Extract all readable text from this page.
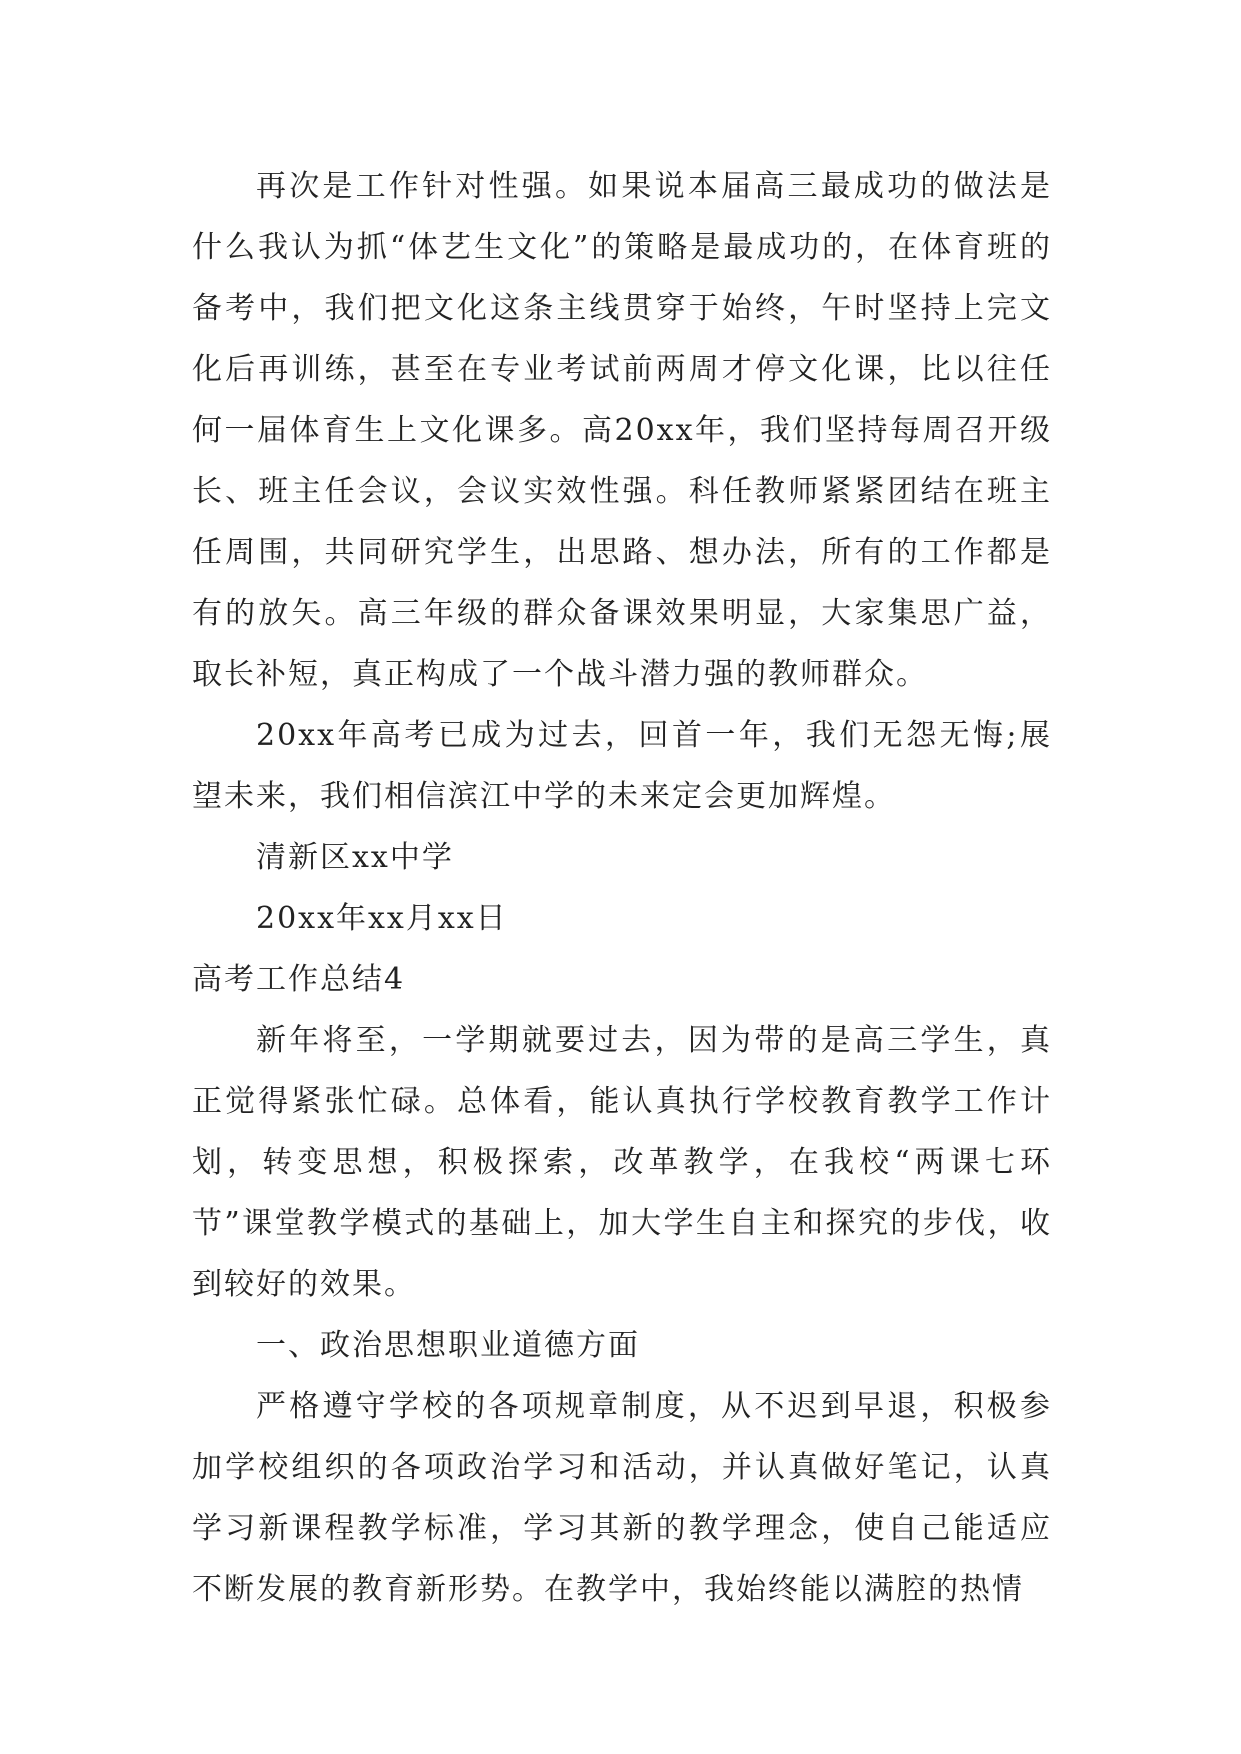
再次是工作针对性强。如果说本届高三最成功的做法是什么我认为抓“体艺生文化”的策略是最成功的，在体育班的备考中，我们把文化这条主线贯穿于始终，午时坚持上完文化后再训练，甚至在专业考试前两周才停文化课，比以往任何一届体育生上文化课多。高20xx年，我们坚持每周召开级长、班主任会议，会议实效性强。科任教师紧紧团结在班主任周围，共同研究学生，出思路、想办法，所有的工作都是有的放矢。高三年级的群众备课效果明显，大家集思广益，取长补短，真正构成了一个战斗潜力强的教师群众。

20xx年高考已成为过去，回首一年，我们无怨无悔;展望未来，我们相信滨江中学的未来定会更加辉煌。

清新区xx中学

20xx年xx月xx日

高考工作总结4

新年将至，一学期就要过去，因为带的是高三学生，真正觉得紧张忙碌。总体看，能认真执行学校教育教学工作计划，转变思想，积极探索，改革教学，在我校“两课七环节”课堂教学模式的基础上，加大学生自主和探究的步伐，收到较好的效果。

一、政治思想职业道德方面

严格遵守学校的各项规章制度，从不迟到早退，积极参加学校组织的各项政治学习和活动，并认真做好笔记，认真学习新课程教学标准，学习其新的教学理念，使自己能适应不断发展的教育新形势。在教学中，我始终能以满腔的热情
